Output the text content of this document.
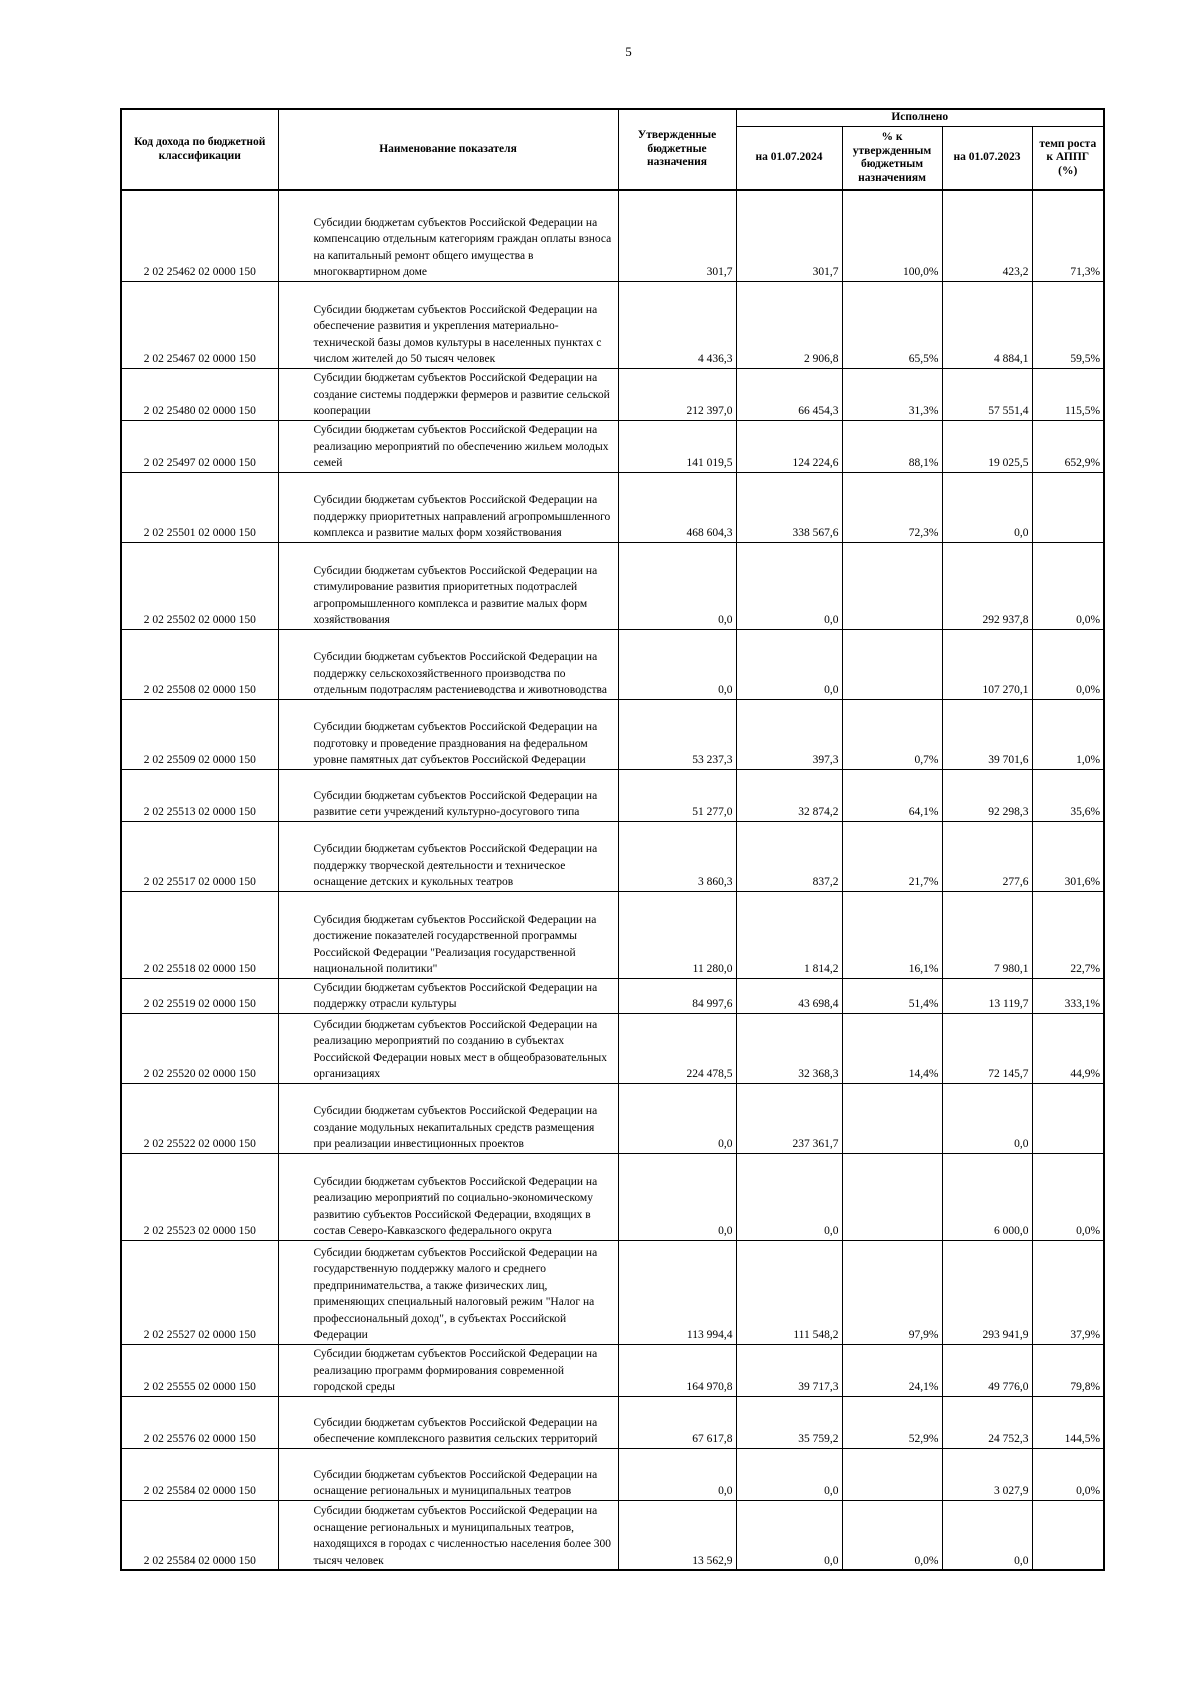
5
Код дохода по бюджетной классификации	Наименование показателя	Утвержденные бюджетные назначения	Исполнено			
			на 01.07.2024	% к утвержденным бюджетным назначениям	на 01.07.2023	темп роста к АППГ (%)
2 02 25462 02 0000 150	Субсидии бюджетам субъектов Российской Федерации на компенсацию отдельным категориям граждан оплаты взноса на капитальный ремонт общего имущества в многоквартирном доме	301,7	301,7	100,0%	423,2	71,3%
2 02 25467 02 0000 150	Субсидии бюджетам субъектов Российской Федерации на обеспечение развития и укрепления материально-технической базы домов культуры в населенных пунктах с числом жителей до 50 тысяч человек	4 436,3	2 906,8	65,5%	4 884,1	59,5%
2 02 25480 02 0000 150	Субсидии бюджетам субъектов Российской Федерации на создание системы поддержки фермеров и развитие сельской кооперации	212 397,0	66 454,3	31,3%	57 551,4	115,5%
2 02 25497 02 0000 150	Субсидии бюджетам субъектов Российской Федерации на реализацию мероприятий по обеспечению жильем молодых семей	141 019,5	124 224,6	88,1%	19 025,5	652,9%
2 02 25501 02 0000 150	Субсидии бюджетам субъектов Российской Федерации на поддержку приоритетных направлений агропромышленного комплекса и развитие малых форм хозяйствования	468 604,3	338 567,6	72,3%	0,0	
2 02 25502 02 0000 150	Субсидии бюджетам субъектов Российской Федерации на стимулирование развития приоритетных подотраслей агропромышленного комплекса и развитие малых форм хозяйствования	0,0	0,0		292 937,8	0,0%
2 02 25508 02 0000 150	Субсидии бюджетам субъектов Российской Федерации на поддержку сельскохозяйственного производства по отдельным подотраслям растениеводства и животноводства	0,0	0,0		107 270,1	0,0%
2 02 25509 02 0000 150	Субсидии бюджетам субъектов Российской Федерации на подготовку и проведение празднования на федеральном уровне памятных дат субъектов Российской Федерации	53 237,3	397,3	0,7%	39 701,6	1,0%
2 02 25513 02 0000 150	Субсидии бюджетам субъектов Российской Федерации на развитие сети учреждений культурно-досугового типа	51 277,0	32 874,2	64,1%	92 298,3	35,6%
2 02 25517 02 0000 150	Субсидии бюджетам субъектов Российской Федерации на поддержку творческой деятельности и техническое оснащение детских и кукольных театров	3 860,3	837,2	21,7%	277,6	301,6%
2 02 25518 02 0000 150	Субсидия бюджетам субъектов Российской Федерации на достижение показателей государственной программы Российской Федерации "Реализация государственной национальной политики"	11 280,0	1 814,2	16,1%	7 980,1	22,7%
2 02 25519 02 0000 150	Субсидии бюджетам субъектов Российской Федерации на поддержку отрасли культуры	84 997,6	43 698,4	51,4%	13 119,7	333,1%
2 02 25520 02 0000 150	Субсидии бюджетам субъектов Российской Федерации на реализацию мероприятий по созданию в субъектах Российской Федерации новых мест в общеобразовательных организациях	224 478,5	32 368,3	14,4%	72 145,7	44,9%
2 02 25522 02 0000 150	Субсидии бюджетам субъектов Российской Федерации на создание модульных некапитальных средств размещения при реализации инвестиционных проектов	0,0	237 361,7		0,0	
2 02 25523 02 0000 150	Субсидии бюджетам субъектов Российской Федерации на реализацию мероприятий по социально-экономическому развитию субъектов Российской Федерации, входящих в состав Северо-Кавказского федерального округа	0,0	0,0		6 000,0	0,0%
2 02 25527 02 0000 150	Субсидии бюджетам субъектов Российской Федерации на государственную поддержку малого и среднего предпринимательства, а также физических лиц, применяющих специальный налоговый режим "Налог на профессиональный доход", в субъектах Российской Федерации	113 994,4	111 548,2	97,9%	293 941,9	37,9%
2 02 25555 02 0000 150	Субсидии бюджетам субъектов Российской Федерации на реализацию программ формирования современной городской среды	164 970,8	39 717,3	24,1%	49 776,0	79,8%
2 02 25576 02 0000 150	Субсидии бюджетам субъектов Российской Федерации на обеспечение комплексного развития сельских территорий	67 617,8	35 759,2	52,9%	24 752,3	144,5%
2 02 25584 02 0000 150	Субсидии бюджетам субъектов Российской Федерации на оснащение региональных и муниципальных театров	0,0	0,0		3 027,9	0,0%
2 02 25584 02 0000 150	Субсидии бюджетам субъектов Российской Федерации на оснащение региональных и муниципальных театров, находящихся в городах с численностью населения более 300 тысяч человек	13 562,9	0,0	0,0%	0,0	
